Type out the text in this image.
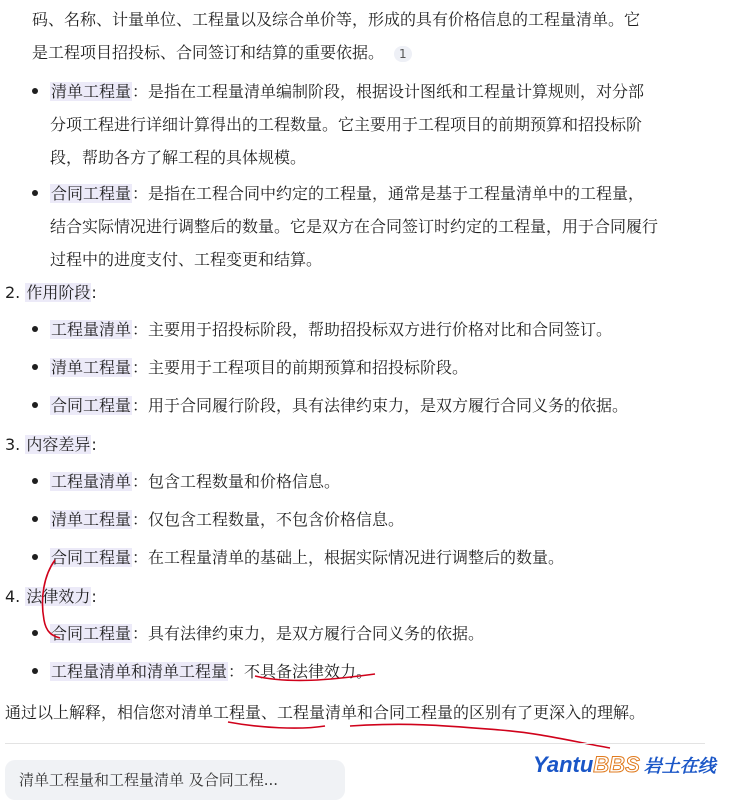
码、名称、计量单位、工程量以及综合单价等，形成的具有价格信息的工程量清单。它
是工程项目招投标、合同签订和结算的重要依据。 1
清单工程量：是指在工程量清单编制阶段，根据设计图纸和工程量计算规则，对分部
分项工程进行详细计算得出的工程数量。它主要用于工程项目的前期预算和招投标阶
段，帮助各方了解工程的具体规模。
合同工程量：是指在工程合同中约定的工程量，通常是基于工程量清单中的工程量，
结合实际情况进行调整后的数量。它是双方在合同签订时约定的工程量，用于合同履行
过程中的进度支付、工程变更和结算。
2. 作用阶段:
工程量清单：主要用于招投标阶段，帮助招投标双方进行价格对比和合同签订。
清单工程量：主要用于工程项目的前期预算和招投标阶段。
合同工程量：用于合同履行阶段，具有法律约束力，是双方履行合同义务的依据。
3. 内容差异:
工程量清单：包含工程数量和价格信息。
清单工程量：仅包含工程数量，不包含价格信息。
合同工程量：在工程量清单的基础上，根据实际情况进行调整后的数量。
4. 法律效力:
合同工程量：具有法律约束力，是双方履行合同义务的依据。
工程量清单和清单工程量：不具备法律效力。
通过以上解释，相信您对清单工程量、工程量清单和合同工程量的区别有了更深入的理解。
清单工程量和工程量清单 及合同工程...
YantuBBS 岩土在线
